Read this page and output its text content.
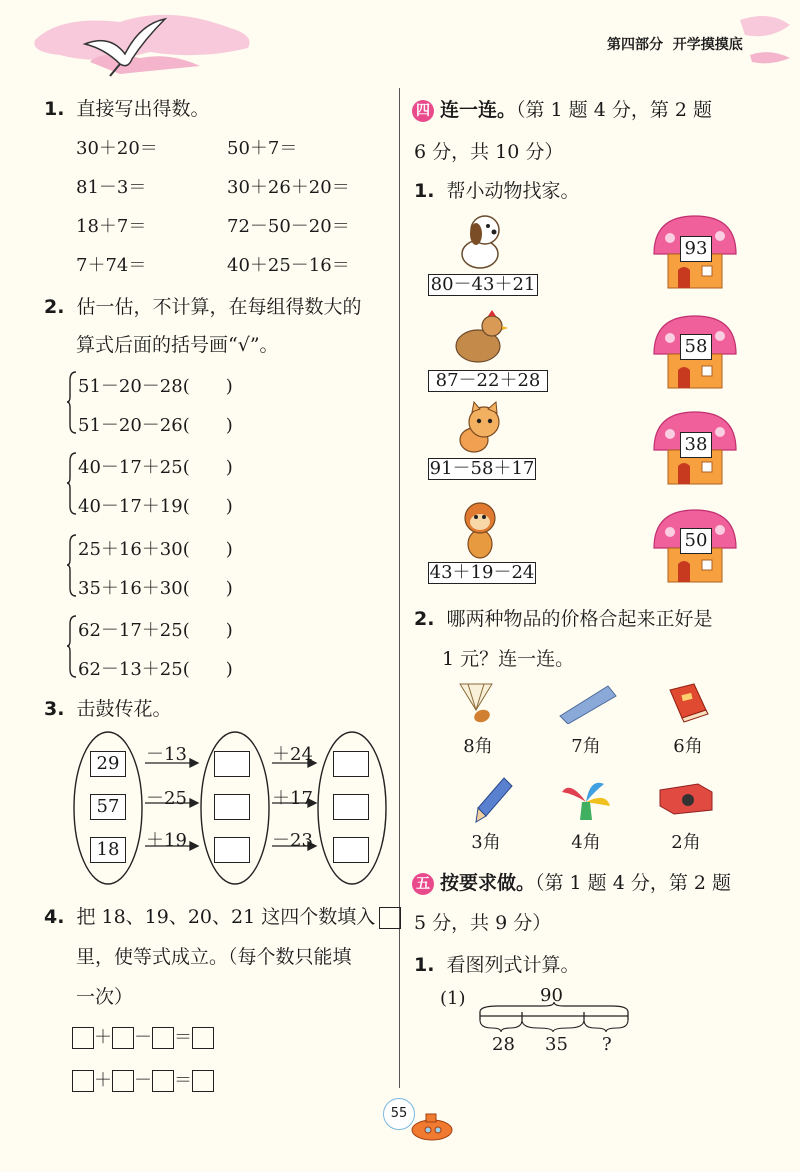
第四部分 开学摸摸底
1. 直接写出得数。
30＋20＝	50＋7＝
81－3＝	30＋26＋20＝
18＋7＝	72－50－20＝
7＋74＝	40＋25－16＝
2. 估一估，不计算，在每组得数大的
算式后面的括号画“√”。
51－20－28(　　)
51－20－26(　　)
40－17＋25(　　)
40－17＋19(　　)
25＋16＋30(　　)
35＋16＋30(　　)
62－17＋25(　　)
62－13＋25(　　)
3. 击鼓传花。
29
57
18
－13
－25
＋19
＋24
＋17
－23
4. 把 18、19、20、21 这四个数填入
里，使等式成立。（每个数只能填
一次）
＋ － ＝
＋ － ＝
四 连一连。（第 1 题 4 分，第 2 题
6 分，共 10 分）
1. 帮小动物找家。
80－43＋21
87－22＋28
91－58＋17
43＋19－24
93
58
38
50
2. 哪两种物品的价格合起来正好是
1 元？连一连。
8角	7角	6角
3角	4角	2角
五 按要求做。（第 1 题 4 分，第 2 题
5 分，共 9 分）
1. 看图列式计算。
(1)	90
28 35 ?
55
